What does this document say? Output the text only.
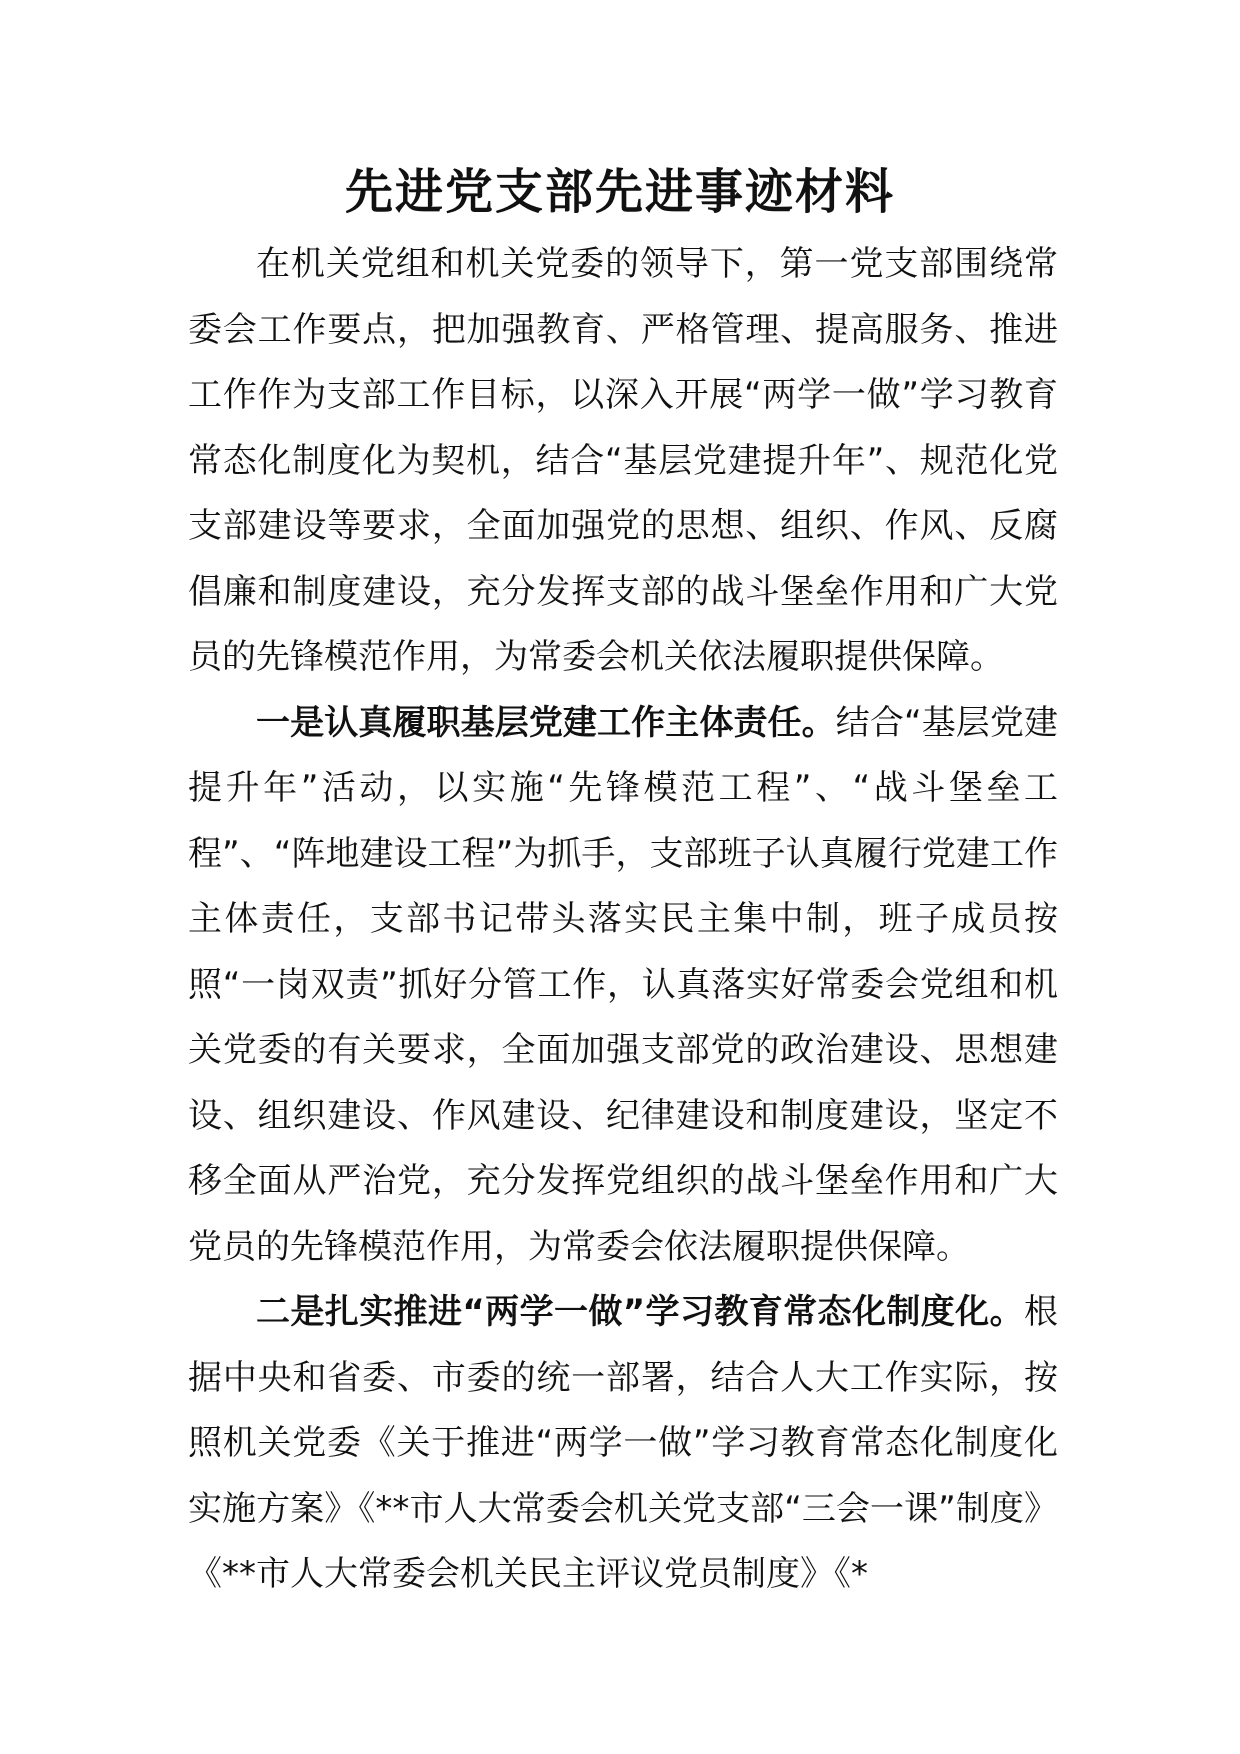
先进党支部先进事迹材料

在机关党组和机关党委的领导下，第一党支部围绕常委会工作要点，把加强教育、严格管理、提高服务、推进工作作为支部工作目标，以深入开展“两学一做”学习教育常态化制度化为契机，结合“基层党建提升年”、规范化党支部建设等要求，全面加强党的思想、组织、作风、反腐倡廉和制度建设，充分发挥支部的战斗堡垒作用和广大党员的先锋模范作用，为常委会机关依法履职提供保障。

一是认真履职基层党建工作主体责任。结合“基层党建提升年”活动，以实施“先锋模范工程”、“战斗堡垒工程”、“阵地建设工程”为抓手，支部班子认真履行党建工作主体责任，支部书记带头落实民主集中制，班子成员按照“一岗双责”抓好分管工作，认真落实好常委会党组和机关党委的有关要求，全面加强支部党的政治建设、思想建设、组织建设、作风建设、纪律建设和制度建设，坚定不移全面从严治党，充分发挥党组织的战斗堡垒作用和广大党员的先锋模范作用，为常委会依法履职提供保障。

二是扎实推进“两学一做”学习教育常态化制度化。根据中央和省委、市委的统一部署，结合人大工作实际，按照机关党委《关于推进“两学一做”学习教育常态化制度化实施方案》《**市人大常委会机关党支部“三会一课”制度》《**市人大常委会机关民主评议党员制度》《*
